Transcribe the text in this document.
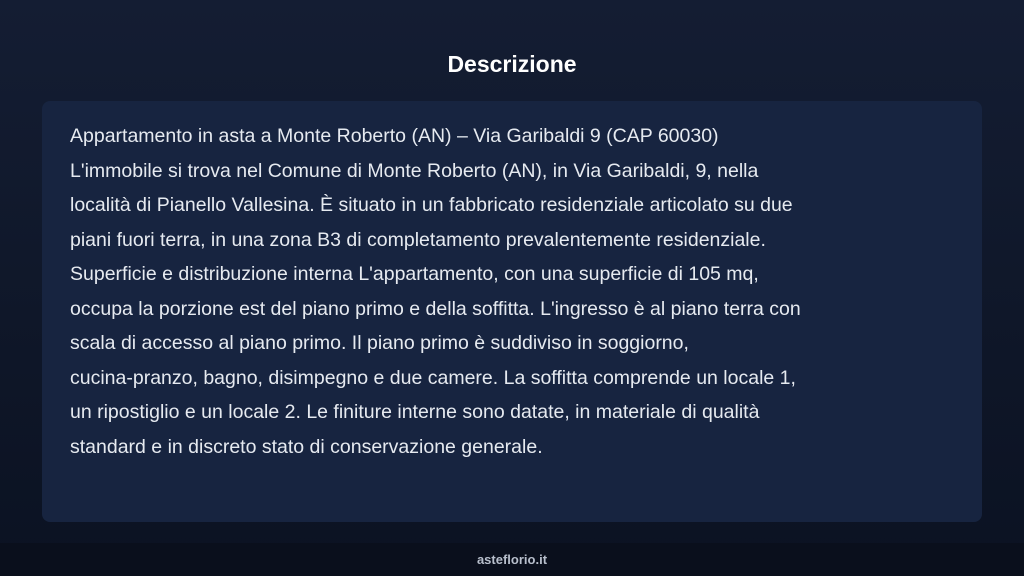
Descrizione

Appartamento in asta a Monte Roberto (AN) – Via Garibaldi 9 (CAP 60030)
L'immobile si trova nel Comune di Monte Roberto (AN), in Via Garibaldi, 9, nella
località di Pianello Vallesina. È situato in un fabbricato residenziale articolato su due
piani fuori terra, in una zona B3 di completamento prevalentemente residenziale.
Superficie e distribuzione interna L'appartamento, con una superficie di 105 mq,
occupa la porzione est del piano primo e della soffitta. L'ingresso è al piano terra con
scala di accesso al piano primo. Il piano primo è suddiviso in soggiorno,
cucina-pranzo, bagno, disimpegno e due camere. La soffitta comprende un locale 1,
un ripostiglio e un locale 2. Le finiture interne sono datate, in materiale di qualità
standard e in discreto stato di conservazione generale.

asteflorio.it
